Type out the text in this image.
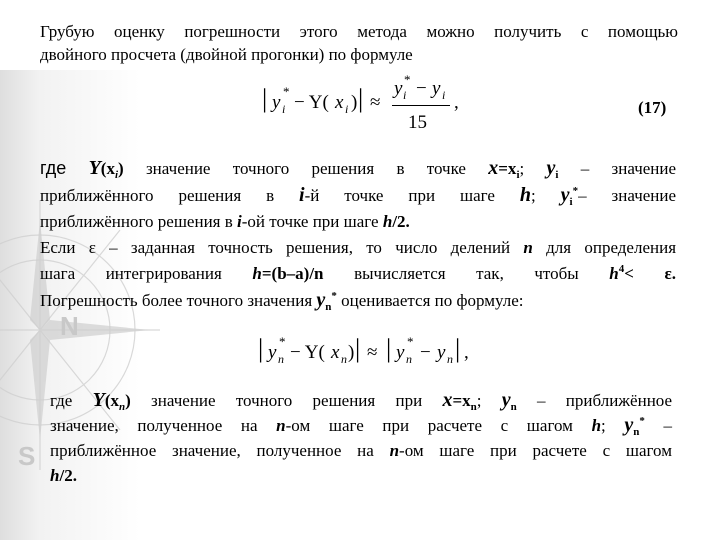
N
S
Грубую оценку погрешности этого метода можно получить с помощью
двойного просчета (двойной прогонки) по формуле
| y
*
i − Y( x i ) | ≈
y *
i − y i
15
,	(17)
где $Y(x_i)$ значение точного решения в точке $x=x_i$; $y_i$ – значение
приближённого решения в i-й точке при шаге h; $y_i^*-$ значение
приближённого решения в i-ой точке при шаге h/2.
Если ε – заданная точность решения, то число делений n для определения
шага интегрирования h=(b–a)/n вычисляется так, чтобы $h^4< \varepsilon$.
Погрешность более точного значения $y_n^*$ оценивается по формуле:
| y
*
n − Y( x n ) | ≈ | y
*
n − y n | ,
где $Y(x_n)$ значение точного решения при $x=x_n$; $y_n$ – приближённое
значение, полученное на n-ом шаге при расчете с шагом h; $y_n^*$ –
приближённое значение, полученное на n-ом шаге при расчете с шагом
h/2.
